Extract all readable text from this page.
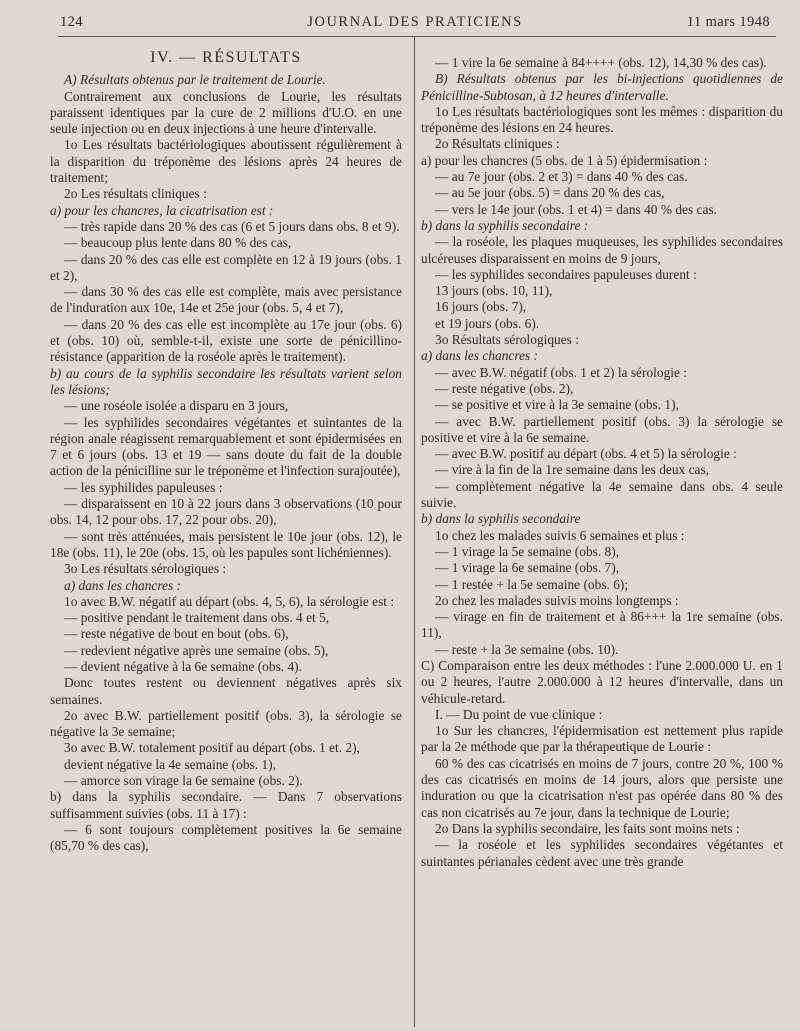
124	JOURNAL DES PRATICIENS	11 mars 1948

IV. — RÉSULTATS

A) Résultats obtenus par le traitement de Lourie.

Contrairement aux conclusions de Lourie, les résultats paraissent identiques par la cure de 2 millions d'U.O. en une seule injection ou en deux injections à une heure d'intervalle.

1o Les résultats bactériologiques aboutissent régulièrement à la disparition du tréponème des lésions après 24 heures de traitement;

2o Les résultats cliniques :

a) pour les chancres, la cicatrisation est :

— très rapide dans 20 % des cas (6 et 5 jours dans obs. 8 et 9).

— beaucoup plus lente dans 80 % des cas,

— dans 20 % des cas elle est complète en 12 à 19 jours (obs. 1 et 2),

— dans 30 % des cas elle est complète, mais avec persistance de l'induration aux 10e, 14e et 25e jour (obs. 5, 4 et 7),

— dans 20 % des cas elle est incomplète au 17e jour (obs. 6) et (obs. 10) où, semble-t-il, existe une sorte de pénicillino-résistance (apparition de la roséole après le traitement).

b) au cours de la syphilis secondaire les résultats varient selon les lésions;

— une roséole isolée a disparu en 3 jours,

— les syphilides secondaires végétantes et suintantes de la région anale réagissent remarquablement et sont épidermisées en 7 et 6 jours (obs. 13 et 19 — sans doute du fait de la double action de la pénicilline sur le tréponème et l'infection surajoutée),

— les syphilides papuleuses :

— disparaissent en 10 à 22 jours dans 3 observations (10 pour obs. 14, 12 pour obs. 17, 22 pour obs. 20),

— sont très atténuées, mais persistent le 10e jour (obs. 12), le 18e (obs. 11), le 20e (obs. 15, où les papules sont lichéniennes).

3o Les résultats sérologiques :

a) dans les chancres :

1o avec B.W. négatif au départ (obs. 4, 5, 6), la sérologie est :

— positive pendant le traitement dans obs. 4 et 5,

— reste négative de bout en bout (obs. 6),

— redevient négative après une semaine (obs. 5),

— devient négative à la 6e semaine (obs. 4).

Donc toutes restent ou deviennent négatives après six semaines.

2o avec B.W. partiellement positif (obs. 3), la sérologie se négative la 3e semaine;

3o avec B.W. totalement positif au départ (obs. 1 et. 2),

devient négative la 4e semaine (obs. 1),

— amorce son virage la 6e semaine (obs. 2).

b) dans la syphilis secondaire. — Dans 7 observations suffisamment suivies (obs. 11 à 17) :

— 6 sont toujours complètement positives la 6e semaine (85,70 % des cas),

— 1 vire la 6e semaine à 84++++ (obs. 12), 14,30 % des cas).

B) Résultats obtenus par les bi-injections quotidiennes de Pénicilline-Subtosan, à 12 heures d'intervalle.

1o Les résultats bactériologiques sont les mêmes : disparition du tréponème des lésions en 24 heures.

2o Résultats cliniques :

a) pour les chancres (5 obs. de 1 à 5) épidermisation :

— au 7e jour (obs. 2 et 3) = dans 40 % des cas.

— au 5e jour (obs. 5) = dans 20 % des cas,

— vers le 14e jour (obs. 1 et 4) = dans 40 % des cas.

b) dans la syphilis secondaire :

— la roséole, les plaques muqueuses, les syphilides secondaires ulcéreuses disparaissent en moins de 9 jours,

— les syphilides secondaires papuleuses durent :

13 jours (obs. 10, 11),

16 jours (obs. 7),

et 19 jours (obs. 6).

3o Résultats sérologiques :

a) dans les chancres :

— avec B.W. négatif (obs. 1 et 2) la sérologie :

— reste négative (obs. 2),

— se positive et vire à la 3e semaine (obs. 1),

— avec B.W. partiellement positif (obs. 3) la sérologie se positive et vire à la 6e semaine.

— avec B.W. positif au départ (obs. 4 et 5) la sérologie :

— vire à la fin de la 1re semaine dans les deux cas,

— complètement négative la 4e semaine dans obs. 4 seule suivie.

b) dans la syphilis secondaire

1o chez les malades suivis 6 semaines et plus :

— 1 virage la 5e semaine (obs. 8),

— 1 virage la 6e semaine (obs. 7),

— 1 restée + la 5e semaine (obs. 6);

2o chez les malades suivis moins longtemps :

— virage en fin de traitement et à 86+++ la 1re semaine (obs. 11),

— reste + la 3e semaine (obs. 10).

C) Comparaison entre les deux méthodes : l'une 2.000.000 U. en 1 ou 2 heures, l'autre 2.000.000 à 12 heures d'intervalle, dans un véhicule-retard.

I. — Du point de vue clinique :

1o Sur les chancres, l'épidermisation est nettement plus rapide par la 2e méthode que par la thérapeutique de Lourie :

60 % des cas cicatrisés en moins de 7 jours, contre 20 %, 100 % des cas cicatrisés en moins de 14 jours, alors que persiste une induration ou que la cicatrisation n'est pas opérée dans 80 % des cas non cicatrisés au 7e jour, dans la technique de Lourie;

2o Dans la syphilis secondaire, les faits sont moins nets :

— la roséole et les syphilides secondaires végétantes et suintantes périanales cèdent avec une très grande
